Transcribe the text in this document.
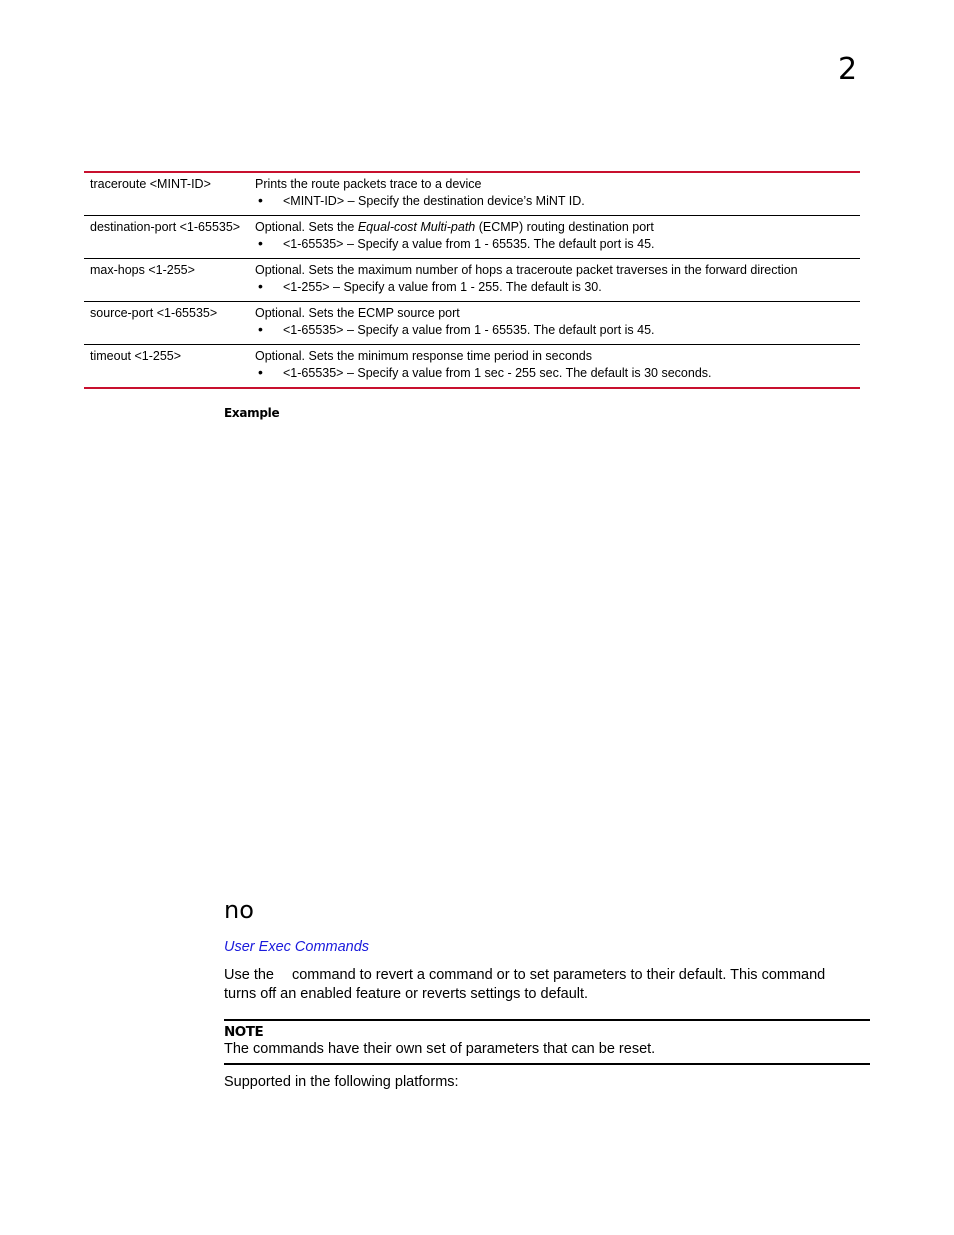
2
traceroute <MINT-ID>	Prints the route packets trace to a device
• <MINT-ID> – Specify the destination device’s MiNT ID.

destination-port <1-65535>	Optional. Sets the Equal-cost Multi-path (ECMP) routing destination port
• <1-65535> – Specify a value from 1 - 65535. The default port is 45.

max-hops <1-255>	Optional. Sets the maximum number of hops a traceroute packet traverses in the forward direction
• <1-255> – Specify a value from 1 - 255. The default is 30.

source-port <1-65535>	Optional. Sets the ECMP source port
• <1-65535> – Specify a value from 1 - 65535. The default port is 45.

timeout <1-255>	Optional. Sets the minimum response time period in seconds
• <1-65535> – Specify a value from 1 sec - 255 sec. The default is 30 seconds.
Example
no
User Exec Commands
Use the command to revert a command or to set parameters to their default. This command turns off an enabled feature or reverts settings to default.
NOTE
The commands have their own set of parameters that can be reset.
Supported in the following platforms:
